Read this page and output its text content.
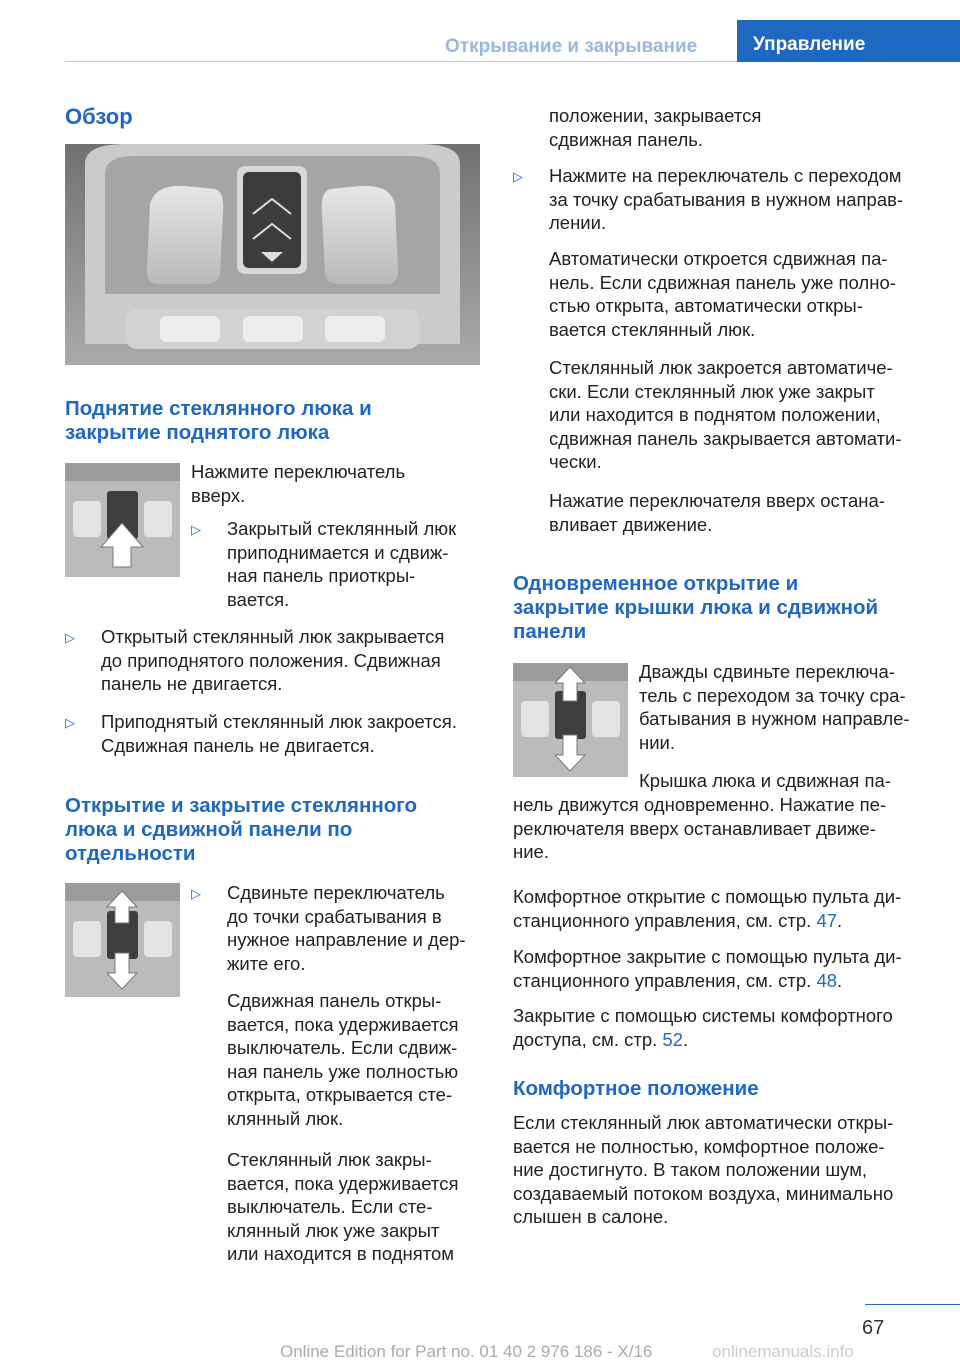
Открывание и закрывание	Управление
Обзор
Поднятие стеклянного люка и
закрытие поднятого люка
Нажмите переключатель
вверх.
▷	Закрытый стеклянный люк
приподнимается и сдвиж-
ная панель приоткры-
вается.
▷	Открытый стеклянный люк закрывается
до приподнятого положения. Сдвижная
панель не двигается.
▷	Приподнятый стеклянный люк закроется.
Сдвижная панель не двигается.
Открытие и закрытие стеклянного
люка и сдвижной панели по
отдельности
▷	Сдвиньте переключатель
до точки срабатывания в
нужное направление и дер-
жите его.
Сдвижная панель откры-
вается, пока удерживается
выключатель. Если сдвиж-
ная панель уже полностью
открыта, открывается сте-
клянный люк.
Стеклянный люк закры-
вается, пока удерживается
выключатель. Если сте-
клянный люк уже закрыт
или находится в поднятом
положении, закрывается
сдвижная панель.
▷	Нажмите на переключатель с переходом
за точку срабатывания в нужном направ-
лении.
Автоматически откроется сдвижная па-
нель. Если сдвижная панель уже полно-
стью открыта, автоматически откры-
вается стеклянный люк.
Стеклянный люк закроется автоматиче-
ски. Если стеклянный люк уже закрыт
или находится в поднятом положении,
сдвижная панель закрывается автомати-
чески.
Нажатие переключателя вверх остана-
вливает движение.
Одновременное открытие и
закрытие крышки люка и сдвижной
панели
Дважды сдвиньте переключа-
тель с переходом за точку сра-
батывания в нужном направле-
нии.
Крышка люка и сдвижная па-
нель движутся одновременно. Нажатие пе-
реключателя вверх останавливает движе-
ние.
Комфортное открытие с помощью пульта ди-
станционного управления, см. стр. 47.
Комфортное закрытие с помощью пульта ди-
станционного управления, см. стр. 48.
Закрытие с помощью системы комфортного
доступа, см. стр. 52.
Комфортное положение
Если стеклянный люк автоматически откры-
вается не полностью, комфортное положе-
ние достигнуто. В таком положении шум,
создаваемый потоком воздуха, минимально
слышен в салоне.
67
Online Edition for Part no. 01 40 2 976 186 - X/16	onlinemanuals.info
